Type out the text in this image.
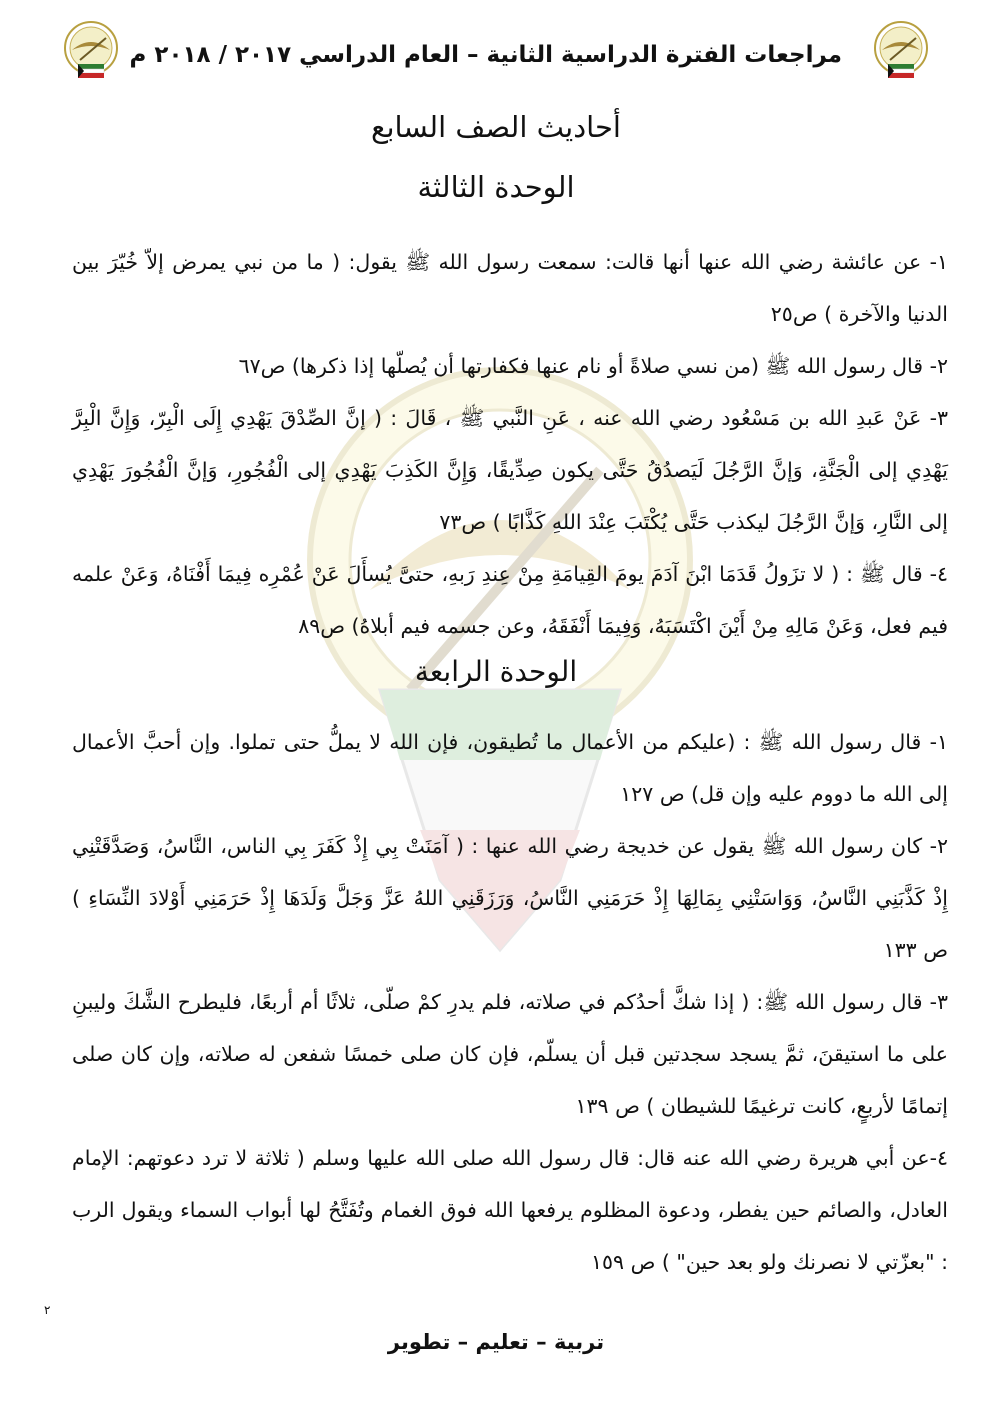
مراجعات الفترة الدراسية الثانية – العام الدراسي ٢٠١٧ / ٢٠١٨ م
أحاديث الصف السابع
الوحدة الثالثة

١- عن عائشة رضي الله عنها أنها قالت: سمعت رسول الله ﷺ يقول: ( ما من نبي يمرض إلاّ خُيّرَ بين الدنيا والآخرة ) ص٢٥

٢- قال رسول الله ﷺ (من نسي صلاةً أو نام عنها فكفارتها أن يُصلّها إذا ذكرها) ص٦٧

٣- عَنْ عَبدِ الله بن مَسْعُود رضي الله عنه ، عَنِ النَّبي ﷺ ، قَالَ : ( إنَّ الصِّدْقَ يَهْدِي إِلَى الْبِرّ، وَإِنَّ الْبِرَّ يَهْدِي إلى الْجَنَّةِ، وَإنَّ الرَّجُلَ لَيَصدُقُ حَتَّى يكون صِدِّيقًا، وَإِنَّ الكَذِبَ يَهْدِي إلى الْفُجُورِ، وَإنَّ الْفُجُورَ يَهْدِي إلى النَّارِ، وَإنَّ الرَّجُلَ ليكذب حَتَّى يُكْتَبَ عِنْدَ اللهِ كَذَّابًا ) ص٧٣

٤- قال ﷺ : ( لا تزَولُ قَدَمَا ابْنَ آدَمَ يومَ القِيامَةِ مِنْ عِندِ رَبهِ، حتىَّ يُسأَلَ عَنْ عُمْرِه فِيمَا أَفْنَاهُ، وَعَنْ علمه فيم فعل، وَعَنْ مَالِهِ مِنْ أَيْنَ اكْتَسَبَهُ، وَفِيمَا أَنْفَقَهُ، وعن جسمه فيم أبلاهُ) ص٨٩

الوحدة الرابعة

١- قال رسول الله ﷺ : (عليكم من الأعمال ما تُطيقون، فإن الله لا يملُّ حتى تملوا. وإن أحبَّ الأعمال إلى الله ما دووم عليه وإن قل) ص ١٢٧

٢- كان رسول الله ﷺ يقول عن خديجة رضي الله عنها : ( آمَنَتْ بِي إِذْ كَفَرَ بِي الناس، النَّاسُ، وَصَدَّقَتْنِي إِذْ كَذَّبَنِي النَّاسُ، وَوَاسَتْنِي بِمَالِهَا إِذْ حَرَمَنِي النَّاسُ، وَرَزَقَنِي اللهُ عَزَّ وَجَلَّ وَلَدَهَا إِذْ حَرَمَنِي أَوْلادَ النِّسَاءِ ) ص ١٣٣

٣- قال رسول الله ﷺ: ( إذا شكَّ أحدُكم في صلاته، فلم يدرِ كمْ صلّى، ثلاثًا أم أربعًا، فليطرح الشَّكَ وليبنِ على ما استيقنَ، ثمَّ يسجد سجدتين قبل أن يسلّم، فإن كان صلى خمسًا شفعن له صلاته، وإن كان صلى إتمامًا لأربعٍ، كانت ترغيمًا للشيطان ) ص ١٣٩

٤-عن أبي هريرة رضي الله عنه قال: قال رسول الله صلى الله عليها وسلم ( ثلاثة لا ترد دعوتهم: الإمام العادل، والصائم حين يفطر، ودعوة المظلوم يرفعها الله فوق الغمام وتُفَتَّحُ لها أبواب السماء ويقول الرب : "بعزّتي لا نصرنك ولو بعد حين" ) ص ١٥٩

٢
تربية – تعليم – تطوير
